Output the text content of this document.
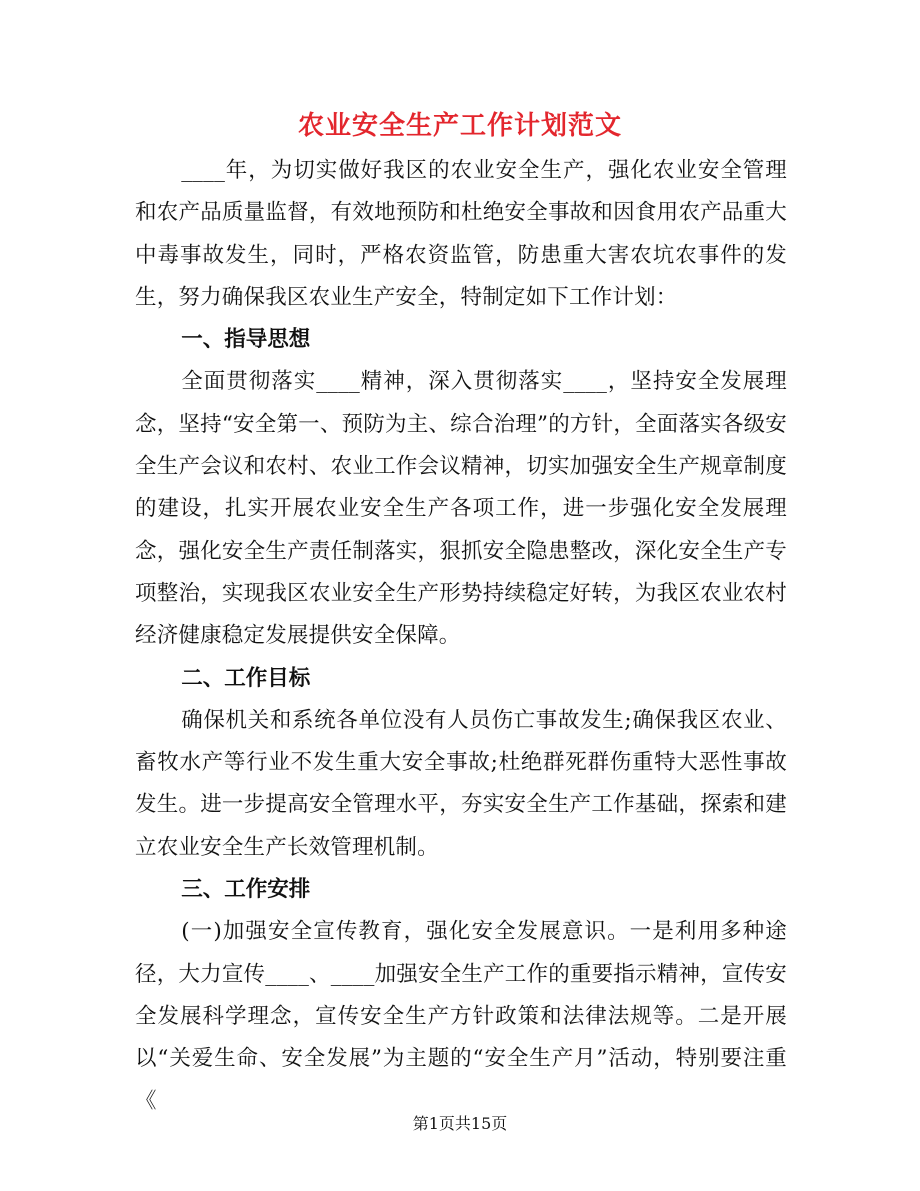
农业安全生产工作计划范文

____年，为切实做好我区的农业安全生产，强化农业安全管理和农产品质量监督，有效地预防和杜绝安全事故和因食用农产品重大中毒事故发生，同时，严格农资监管，防患重大害农坑农事件的发生，努力确保我区农业生产安全，特制定如下工作计划：

一、指导思想

全面贯彻落实____精神，深入贯彻落实____，坚持安全发展理念，坚持“安全第一、预防为主、综合治理”的方针，全面落实各级安全生产会议和农村、农业工作会议精神，切实加强安全生产规章制度的建设，扎实开展农业安全生产各项工作，进一步强化安全发展理念，强化安全生产责任制落实，狠抓安全隐患整改，深化安全生产专项整治，实现我区农业安全生产形势持续稳定好转，为我区农业农村经济健康稳定发展提供安全保障。

二、工作目标

确保机关和系统各单位没有人员伤亡事故发生;确保我区农业、畜牧水产等行业不发生重大安全事故;杜绝群死群伤重特大恶性事故发生。进一步提高安全管理水平，夯实安全生产工作基础，探索和建立农业安全生产长效管理机制。

三、工作安排

(一)加强安全宣传教育，强化安全发展意识。一是利用多种途径，大力宣传____、____加强安全生产工作的重要指示精神，宣传安全发展科学理念，宣传安全生产方针政策和法律法规等。二是开展以“关爱生命、安全发展”为主题的“安全生产月”活动，特别要注重《

第1页共15页
